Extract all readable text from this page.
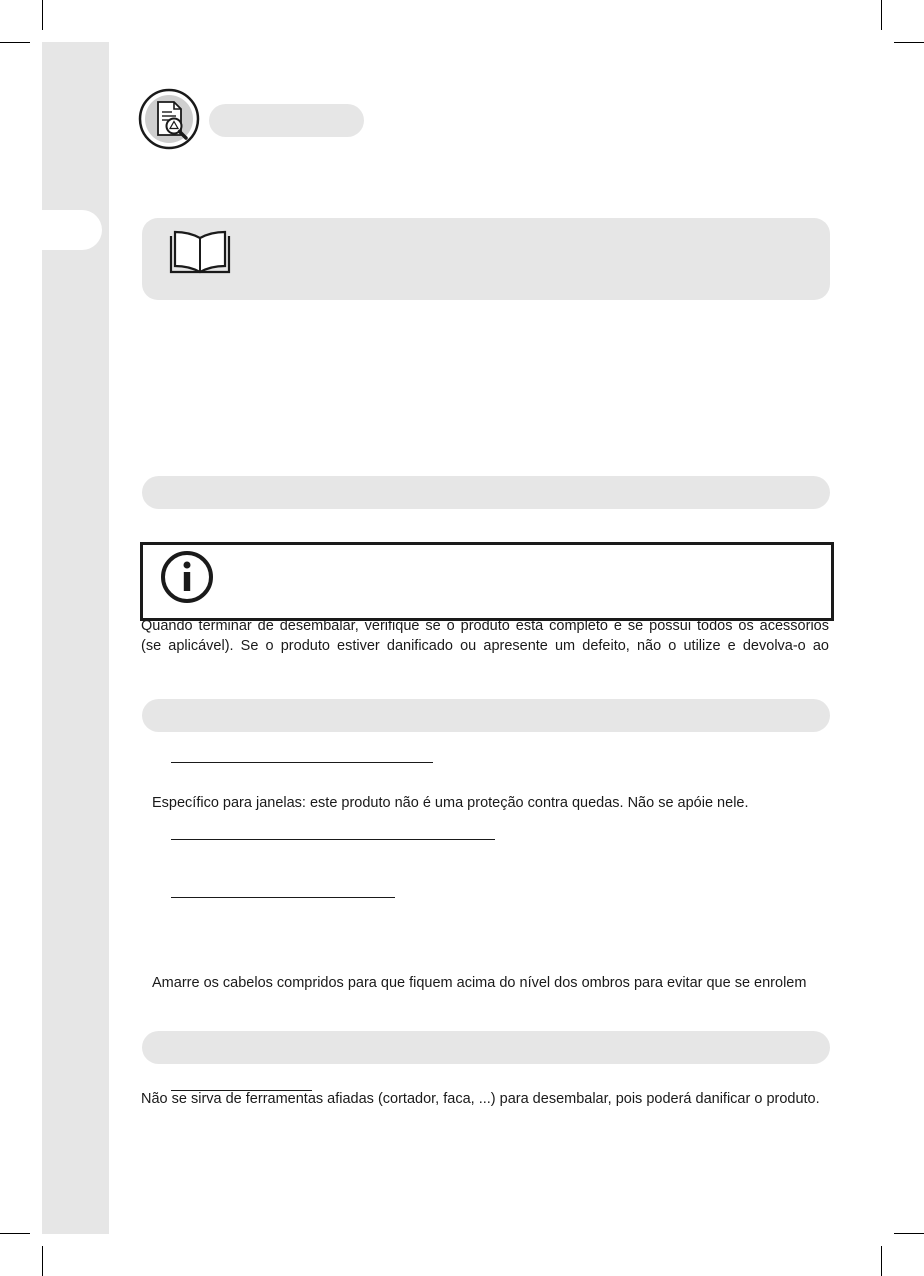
Quando terminar de desembalar, verifique se o produto está completo e se possui todos os acessórios
(se aplicável). Se o produto estiver danificado ou apresente um defeito, não o utilize e devolva-o ao

Específico para janelas: este produto não é uma proteção contra quedas. Não se apóie nele.

Amarre os cabelos compridos para que fiquem acima do nível dos ombros para evitar que se enrolem

Não se sirva de ferramentas afiadas (cortador, faca, ...) para desembalar, pois poderá danificar o produto.
